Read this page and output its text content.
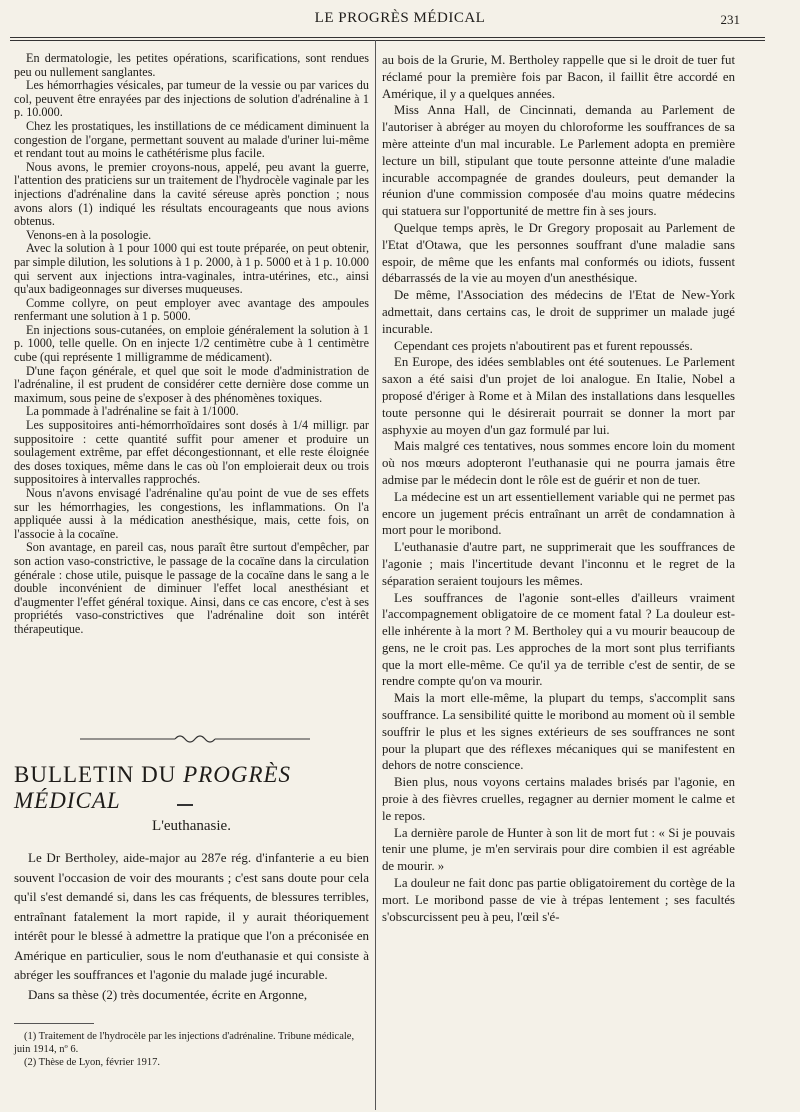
LE PROGRÈS MÉDICAL	231

En dermatologie, les petites opérations, scarifications, sont rendues peu ou nullement sanglantes.

Les hémorrhagies vésicales, par tumeur de la vessie ou par varices du col, peuvent être enrayées par des injections de solution d'adrénaline à 1 p. 10.000.

Chez les prostatiques, les instillations de ce médicament diminuent la congestion de l'organe, permettant souvent au malade d'uriner lui-même et rendant tout au moins le cathétérisme plus facile.

Nous avons, le premier croyons-nous, appelé, peu avant la guerre, l'attention des praticiens sur un traitement de l'hydrocèle vaginale par les injections d'adrénaline dans la cavité séreuse après ponction ; nous avons alors (1) indiqué les résultats encourageants que nous avions obtenus.

Venons-en à la posologie.

Avec la solution à 1 pour 1000 qui est toute préparée, on peut obtenir, par simple dilution, les solutions à 1 p. 2000, à 1 p. 5000 et à 1 p. 10.000 qui servent aux injections intra-vaginales, intra-utérines, etc., ainsi qu'aux badigeonnages sur diverses muqueuses.

Comme collyre, on peut employer avec avantage des ampoules renfermant une solution à 1 p. 5000.

En injections sous-cutanées, on emploie généralement la solution à 1 p. 1000, telle quelle. On en injecte 1/2 centimètre cube à 1 centimètre cube (qui représente 1 milligramme de médicament).

D'une façon générale, et quel que soit le mode d'administration de l'adrénaline, il est prudent de considérer cette dernière dose comme un maximum, sous peine de s'exposer à des phénomènes toxiques.

La pommade à l'adrénaline se fait à 1/1000.

Les suppositoires anti-hémorrhoïdaires sont dosés à 1/4 milligr. par suppositoire : cette quantité suffit pour amener et produire un soulagement extrême, par effet décongestionnant, et elle reste éloignée des doses toxiques, même dans le cas où l'on emploierait deux ou trois suppositoires à intervalles rapprochés.

Nous n'avons envisagé l'adrénaline qu'au point de vue de ses effets sur les hémorrhagies, les congestions, les inflammations. On l'a appliquée aussi à la médication anesthésique, mais, cette fois, on l'associe à la cocaïne.

Son avantage, en pareil cas, nous paraît être surtout d'empêcher, par son action vaso-constrictive, le passage de la cocaïne dans la circulation générale : chose utile, puisque le passage de la cocaïne dans le sang a le double inconvénient de diminuer l'effet local anesthésiant et d'augmenter l'effet général toxique. Ainsi, dans ce cas encore, c'est à ses propriétés vaso-constrictives que l'adrénaline doit son intérêt thérapeutique.

BULLETIN DU PROGRÈS MÉDICAL
L'euthanasie.

Le Dr Bertholey, aide-major au 287e rég. d'infanterie a eu bien souvent l'occasion de voir des mourants ; c'est sans doute pour cela qu'il s'est demandé si, dans les cas fréquents, de blessures terribles, entraînant fatalement la mort rapide, il y aurait théoriquement intérêt pour le blessé à admettre la pratique que l'on a préconisée en Amérique en particulier, sous le nom d'euthanasie et qui consiste à abréger les souffrances et l'agonie du malade jugé incurable.

Dans sa thèse (2) très documentée, écrite en Argonne,

(1) Traitement de l'hydrocèle par les injections d'adrénaline. Tribune médicale, juin 1914, nº 6.

(2) Thèse de Lyon, février 1917.

au bois de la Grurie, M. Bertholey rappelle que si le droit de tuer fut réclamé pour la première fois par Bacon, il faillit être accordé en Amérique, il y a quelques années.

Miss Anna Hall, de Cincinnati, demanda au Parlement de l'autoriser à abréger au moyen du chloroforme les souffrances de sa mère atteinte d'un mal incurable. Le Parlement adopta en première lecture un bill, stipulant que toute personne atteinte d'une maladie incurable accompagnée de grandes douleurs, peut demander la réunion d'une commission composée d'au moins quatre médecins qui statuera sur l'opportunité de mettre fin à ses jours.

Quelque temps après, le Dr Gregory proposait au Parlement de l'Etat d'Otawa, que les personnes souffrant d'une maladie sans espoir, de même que les enfants mal conformés ou idiots, fussent débarrassés de la vie au moyen d'un anesthésique.

De même, l'Association des médecins de l'Etat de New-York admettait, dans certains cas, le droit de supprimer un malade jugé incurable.

Cependant ces projets n'aboutirent pas et furent repoussés.

En Europe, des idées semblables ont été soutenues. Le Parlement saxon a été saisi d'un projet de loi analogue. En Italie, Nobel a proposé d'ériger à Rome et à Milan des installations dans lesquelles toute personne qui le désirerait pourrait se donner la mort par asphyxie au moyen d'un gaz formulé par lui.

Mais malgré ces tentatives, nous sommes encore loin du moment où nos mœurs adopteront l'euthanasie qui ne pourra jamais être admise par le médecin dont le rôle est de guérir et non de tuer.

La médecine est un art essentiellement variable qui ne permet pas encore un jugement précis entraînant un arrêt de condamnation à mort pour le moribond.

L'euthanasie d'autre part, ne supprimerait que les souffrances de l'agonie ; mais l'incertitude devant l'inconnu et le regret de la séparation seraient toujours les mêmes.

Les souffrances de l'agonie sont-elles d'ailleurs vraiment l'accompagnement obligatoire de ce moment fatal ? La douleur est-elle inhérente à la mort ? M. Bertholey qui a vu mourir beaucoup de gens, ne le croit pas. Les approches de la mort sont plus terrifiants que la mort elle-même. Ce qu'il ya de terrible c'est de sentir, de se rendre compte qu'on va mourir.

Mais la mort elle-même, la plupart du temps, s'accomplit sans souffrance. La sensibilité quitte le moribond au moment où il semble souffrir le plus et les signes extérieurs de ses souffrances ne sont pour la plupart que des réflexes mécaniques qui se manifestent en dehors de notre conscience.

Bien plus, nous voyons certains malades brisés par l'agonie, en proie à des fièvres cruelles, regagner au dernier moment le calme et le repos.

La dernière parole de Hunter à son lit de mort fut : « Si je pouvais tenir une plume, je m'en servirais pour dire combien il est agréable de mourir. »

La douleur ne fait donc pas partie obligatoirement du cortège de la mort. Le moribond passe de vie à trépas lentement ; ses facultés s'obscurcissent peu à peu, l'œil s'é-
